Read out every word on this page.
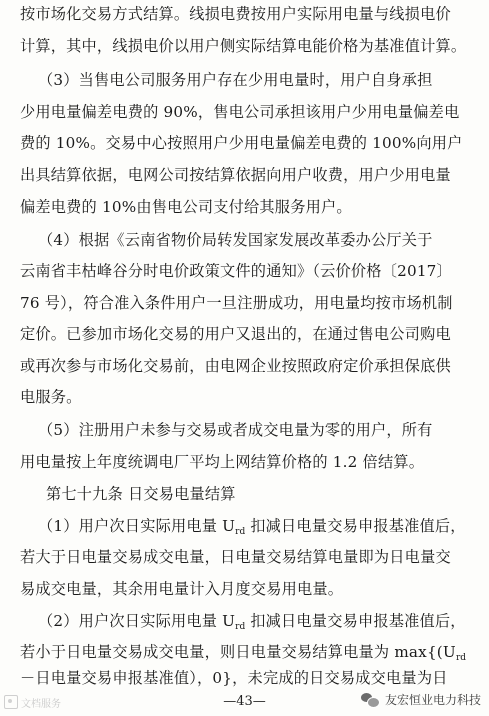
按市场化交易方式结算。线损电费按用户实际用电量与线损电价
计算，其中，线损电价以用户侧实际结算电能价格为基准值计算。
（3）当售电公司服务用户存在少用电量时，用户自身承担
少用电量偏差电费的 90%，售电公司承担该用户少用电量偏差电
费的 10%。交易中心按照用户少用电量偏差电费的 100%向用户
出具结算依据，电网公司按结算依据向用户收费，用户少用电量
偏差电费的 10%由售电公司支付给其服务用户。
（4）根据《云南省物价局转发国家发展改革委办公厅关于
云南省丰枯峰谷分时电价政策文件的通知》（云价价格〔2017〕
76 号），符合准入条件用户一旦注册成功，用电量均按市场机制
定价。已参加市场化交易的用户又退出的，在通过售电公司购电
或再次参与市场化交易前，由电网企业按照政府定价承担保底供
电服务。
（5）注册用户未参与交易或者成交电量为零的用户，所有
用电量按上年度统调电厂平均上网结算价格的 1.2 倍结算。
第七十九条 日交易电量结算
（1）用户次日实际用电量 $U_{rd}$ 扣减日电量交易申报基准值后，
若大于日电量交易成交电量，日电量交易结算电量即为日电量交
易成交电量，其余用电量计入月度交易用电量。
（2）用户次日实际用电量 $U_{rd}$ 扣减日电量交易申报基准值后，
若小于日电量交易成交电量，则日电量交易结算电量为 $\max\{(U_{rd}$
－日电量交易申报基准值），0}，未完成的日交易成交电量为日
—43—
文档服务	友宏恒业电力科技
